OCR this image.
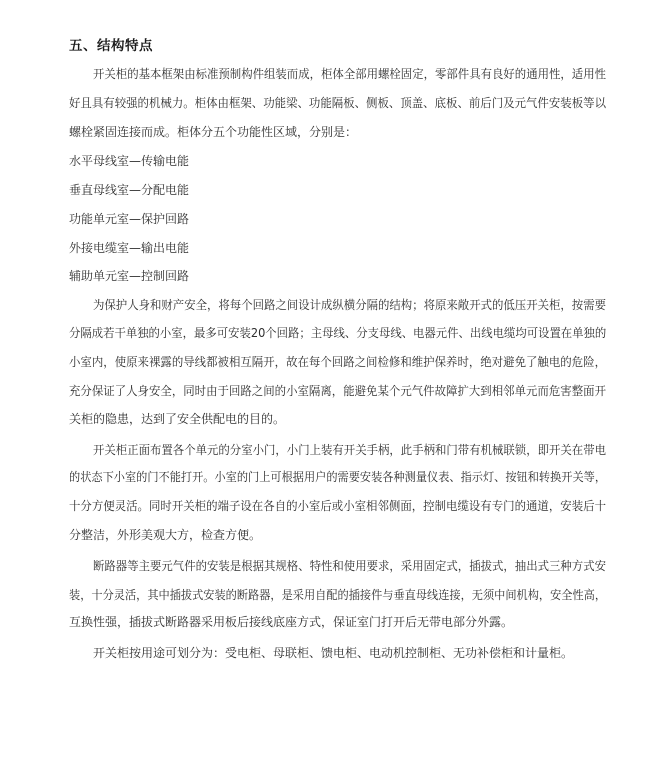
五、结构特点
开关柜的基本框架由标准预制构件组装而成，柜体全部用螺栓固定，零部件具有良好的通用性，适用性
好且具有较强的机械力。柜体由框架、功能梁、功能隔板、侧板、顶盖、底板、前后门及元气件安装板等以
螺栓紧固连接而成。柜体分五个功能性区域，分别是：
水平母线室—传输电能
垂直母线室—分配电能
功能单元室—保护回路
外接电缆室—输出电能
辅助单元室—控制回路
为保护人身和财产安全，将每个回路之间设计成纵横分隔的结构；将原来敞开式的低压开关柜，按需要
分隔成若干单独的小室，最多可安装20个回路；主母线、分支母线、电器元件、出线电缆均可设置在单独的
小室内，使原来裸露的导线都被相互隔开，故在每个回路之间检修和维护保养时，绝对避免了触电的危险，
充分保证了人身安全，同时由于回路之间的小室隔离，能避免某个元气件故障扩大到相邻单元而危害整面开
关柜的隐患，达到了安全供配电的目的。
开关柜正面布置各个单元的分室小门，小门上装有开关手柄，此手柄和门带有机械联锁，即开关在带电
的状态下小室的门不能打开。小室的门上可根据用户的需要安装各种测量仪表、指示灯、按钮和转换开关等，
十分方便灵活。同时开关柜的端子设在各自的小室后或小室相邻侧面，控制电缆设有专门的通道，安装后十
分整洁，外形美观大方，检查方便。
断路器等主要元气件的安装是根据其规格、特性和使用要求，采用固定式，插拔式，抽出式三种方式安
装，十分灵活，其中插拔式安装的断路器，是采用自配的插接件与垂直母线连接，无须中间机构，安全性高，
互换性强，插拔式断路器采用板后接线底座方式，保证室门打开后无带电部分外露。
开关柜按用途可划分为：受电柜、母联柜、馈电柜、电动机控制柜、无功补偿柜和计量柜。
